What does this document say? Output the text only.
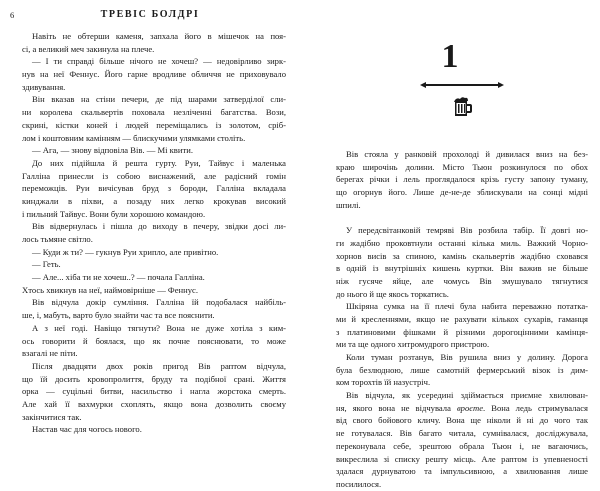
6	ТРЕВІС БОЛДРІ

Навіть не обтерши каменя, запхала його в мішечок на поя-

сі, а великий меч закинула на плече.

— І ти справді більше нічого не хочеш? — недовірливо зирк-

нув на неї Феннус. Його гарне вродливе обличчя не приховувало

здивування.

Він вказав на стіни печери, де під шарами затверділої сли-

ни королева скальвертів поховала незліченні багатства. Вози,

скрині, кістки коней і людей переміщались із золотом, сріб-

лом і коштовним камінням — блискучими улямками століть.

— Ага, — знову відповіла Вів. — Мі квити.

До них підійшла й решта гурту. Руи, Тайвус і маленька

Галліна принесли із собою виснажений, але радісний гомін

переможців. Руи вичісував бруд з бороди, Галліна вкладала

кинджали в піхви, а позаду них легко крокував високий

і пильний Тайвус. Вони були хорошою командою.

Вів відвернулась і пішла до виходу в печеру, звідки досі ли-

лось тьмяне світло.

— Куди ж ти? — гукнув Руи хрипло, але привітно.

— Геть.

— Але... хіба ти не хочеш..? — почала Галліна.

Хтось хвикнув на неї, наймовірніше — Феннус.

Вів відчула докір сумління. Галліна їй подобалася найбіль-

ше, і, мабуть, варто було знайти час та все пояснити.

А з неї годі. Навіщо тягнути? Вона не дуже хотіла з ким-

ось говорити й боялася, що як почне пояснювати, то може

взагалі не піти.

Після двадцяти двох років пригод Вів раптом відчула,

що їй досить кровопролиття, бруду та подібної срані. Життя

орка — суцільні битви, насильство і нагла жорстока смерть.

Але хай її вахмурки схоплять, якщо вона дозволить своєму

закінчитися так.

Настав час для чогось нового.

1

Вів стояла у ранковій прохолоді й дивилася вниз на без-

краю широчінь долини. Місто Тьюн розкинулося по обох

берегах річки і лель проглядалося крізь густу запону туману,

що огорнув його. Лише де-не-де зблискували на сонці мідні

шпилі.

У передсвітанковій темряві Вів розбила табір. Її довгі но-

ги жадібно проковтнули останні кілька миль. Важкий Чорно-

хорнов висів за спиною, камінь скальвертів жадібно сховався

в одній із внутрішніх кишень куртки. Він важив не більше

ніж гусяче яйце, але чомусь Вів змушувало тягнутися

до нього й ще якось торкатись.

Шкіряна сумка на її плечі була набита переважно потатка-

ми й кресленнями, якщо не рахувати кількох сухарів, гаманця

з платиновими фішками й різними дорогоцінними камінця-

ми та ще одного хитромудрого пристрою.

Коли туман розтанув, Вів рушила вниз у долину. Дорога

була безлюдною, лише самотній фермерський візок із дим-

ком торохтів їй назустріч.

Вів відчула, як усередині здіймається приємне хвилюван-

ня, якого вона не відчувала вроєте. Вона ледь стримувалася

від свого бойового кличу. Вона ще ніколи й ні до чого так

не готувалася. Вів багато читала, сумнівалася, досліджувала,

переконувала себе, зрештою обрала Тьюн і, не вагаючись,

викреслила зі списку решту місць. Але раптом із упевненості

здалася дурнуватою та імпульсивною, а хвилювання лише

посилилося.
